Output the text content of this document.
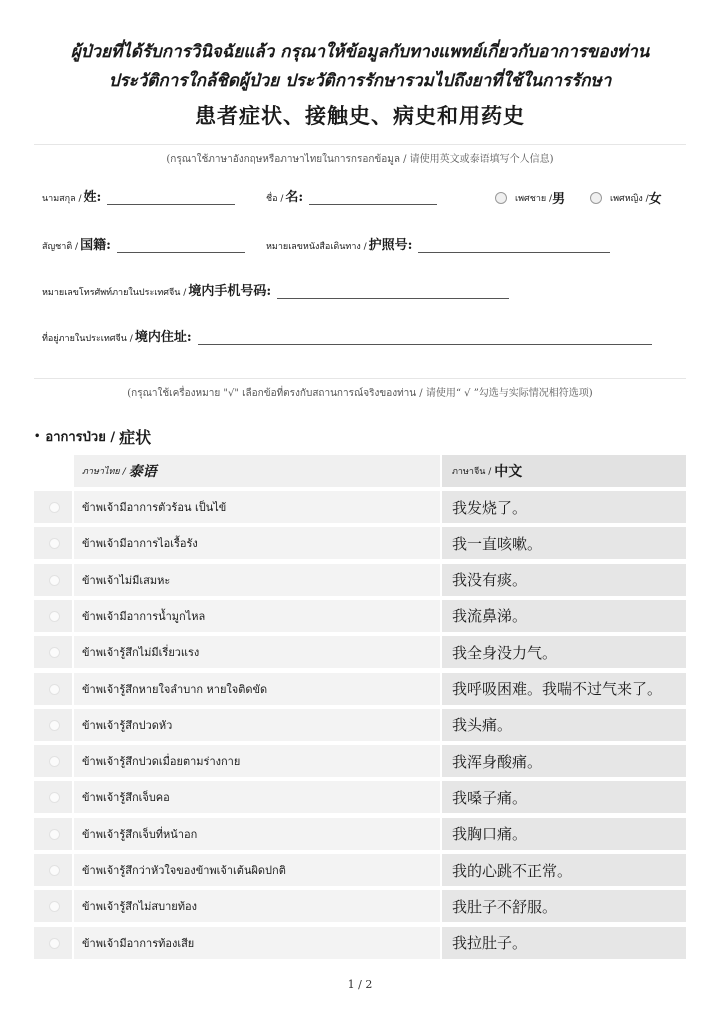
ผู้ป่วยที่ได้รับการวินิจฉัยแล้ว กรุณาให้ข้อมูลกับทางแพทย์เกี่ยวกับอาการของท่าน
ประวัติการใกล้ชิดผู้ป่วย ประวัติการรักษารวมไปถึงยาที่ใช้ในการรักษา
患者症状、接触史、病史和用药史
(กรุณาใช้ภาษาอังกฤษหรือภาษาไทยในการกรอกข้อมูล / 请使用英文或泰语填写个人信息)
นามสกุล / 姓:	ชื่อ / 名:	เพศชาย / 男	เพศหญิง / 女
สัญชาติ / 国籍:	หมายเลขหนังสือเดินทาง / 护照号:
หมายเลขโทรศัพท์ภายในประเทศจีน / 境内手机号码:
ที่อยู่ภายในประเทศจีน / 境内住址:
(กรุณาใช้เครื่องหมาย "√" เลือกข้อที่ตรงกับสถานการณ์จริงของท่าน / 请使用“ √ ”勾选与实际情况相符选项)
• อาการป่วย / 症状
ภาษาไทย / 泰语	ภาษาจีน / 中文
ข้าพเจ้ามีอาการตัวร้อน เป็นไข้	我发烧了。
ข้าพเจ้ามีอาการไอเรื้อรัง	我一直咳嗽。
ข้าพเจ้าไม่มีเสมหะ	我没有痰。
ข้าพเจ้ามีอาการน้ำมูกไหล	我流鼻涕。
ข้าพเจ้ารู้สึกไม่มีเรี่ยวแรง	我全身没力气。
ข้าพเจ้ารู้สึกหายใจลำบาก หายใจติดขัด	我呼吸困难。我喘不过气来了。
ข้าพเจ้ารู้สึกปวดหัว	我头痛。
ข้าพเจ้ารู้สึกปวดเมื่อยตามร่างกาย	我浑身酸痛。
ข้าพเจ้ารู้สึกเจ็บคอ	我嗓子痛。
ข้าพเจ้ารู้สึกเจ็บที่หน้าอก	我胸口痛。
ข้าพเจ้ารู้สึกว่าหัวใจของข้าพเจ้าเต้นผิดปกติ	我的心跳不正常。
ข้าพเจ้ารู้สึกไม่สบายท้อง	我肚子不舒服。
ข้าพเจ้ามีอาการท้องเสีย	我拉肚子。
1 / 2
